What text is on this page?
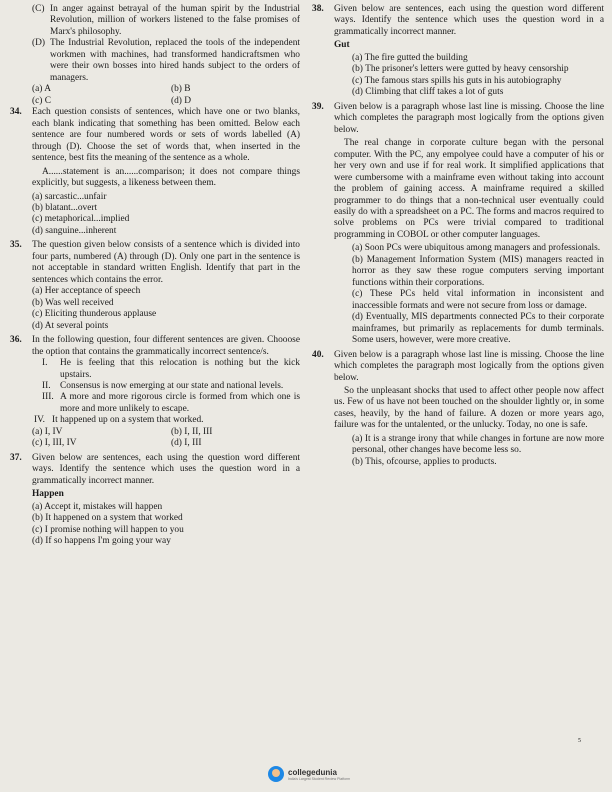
(C) In anger against betrayal of the human spirit by the Industrial Revolution, million of workers listened to the false promises of Marx's philosophy.

(D) The Industrial Revolution, replaced the tools of the independent workmen with machines, had transformed handicraftsmen who were their own bosses into hired hands subject to the orders of managers.

(a) A	(b) B
(c) C	(d) D
34. Each question consists of sentences, which have one or two blanks, each blank indicating that something has been omitted. Below each sentence are four numbered words or sets of words labelled (A) through (D). Choose the set of words that, when inserted in the sentence, best fits the meaning of the sentence as a whole.

A......statement is an......comparison; it does not compare things explicitly, but suggests, a likeness between them.

(a) sarcastic...unfair
(b) blatant...overt
(c) metaphorical...implied
(d) sanguine...inherent
35. The question given below consists of a sentence which is divided into four parts, numbered (A) through (D). Only one part in the sentence is not acceptable in standard written English. Identify that part in the sentences which contains the error.
(a) Her acceptance of speech
(b) Was well received
(c) Eliciting thunderous applause
(d) At several points
36. In the following question, four different sentences are given. Chooose the option that contains the grammatically incorrect sentence/s.

I. He is feeling that this relocation is nothing but the kick upstairs.

II. Consensus is now emerging at our state and national levels.

III. A more and more rigorous circle is formed from which one is more and more unlikely to escape.

IV. It happened up on a system that worked.

(a) I, IV	(b) I, II, III
(c) I, III, IV	(d) I, III
37. Given below are sentences, each using the question word different ways. Identify the sentence which uses the question word in a grammatically incorrect manner.
Happen
(a) Accept it, mistakes will happen
(b) It happened on a system that worked
(c) I promise nothing will happen to you
(d) If so happens I'm going your way
38. Given below are sentences, each using the question word different ways. Identify the sentence which uses the question word in a grammatically incorrect manner.
Gut
(a) The fire gutted the building
(b) The prisoner's letters were gutted by heavy censorship
(c) The famous stars spills his guts in his autobiography
(d) Climbing that cliff takes a lot of guts
39. Given below is a paragraph whose last line is missing. Choose the line which completes the paragraph most logically from the options given below.

The real change in corporate culture began with the personal computer. With the PC, any empolyee could have a computer of his or her very own and use if for real work. It simplified applications that were cumbersome with a mainframe even without taking into account the problem of gaining access. A mainframe required a skilled programmer to do things that a non-technical user eventually could easily do with a spreadsheet on a PC. The forms and macros required to solve problems on PCs were trivial compared to traditional programming in COBOL or other computer languages.

(a) Soon PCs were ubiquitous among managers and professionals.
(b) Management Information System (MIS) managers reacted in horror as they saw these rogue computers serving important functions within their corporations.
(c) These PCs held vital information in inconsistent and inaccessible formats and were not secure from loss or damage.
(d) Eventually, MIS departments connected PCs to their corporate mainframes, but primarily as replacements for dumb terminals. Some users, however, were more creative.
40. Given below is a paragraph whose last line is missing. Choose the line which completes the paragraph most logically from the options given below.

So the unpleasant shocks that used to affect other people now affect us. Few of us have not been touched on the shoulder lightly or, in some cases, heavily, by the hand of failure. A dozen or more years ago, failure was for the untalented, or the unlucky. Today, no one is safe.

(a) It is a strange irony that while changes in fortune are now more personal, other changes have become less so.
(b) This, ofcourse, applies to products.
5
collegedunia
India's Largest Student Review Platform
